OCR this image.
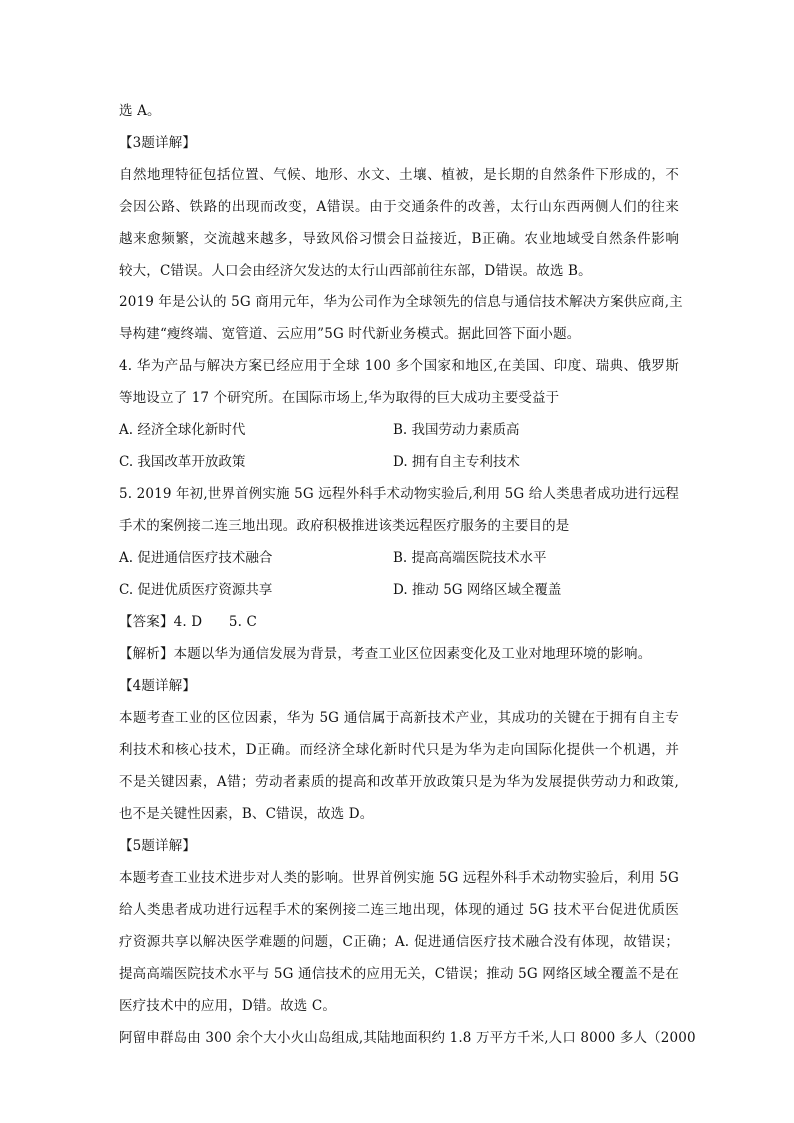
选 A。
【3题详解】
自然地理特征包括位置、气候、地形、水文、土壤、植被，是长期的自然条件下形成的，不
会因公路、铁路的出现而改变，A错误。由于交通条件的改善，太行山东西两侧人们的往来
越来愈频繁，交流越来越多，导致风俗习惯会日益接近，B正确。农业地域受自然条件影响
较大，C错误。人口会由经济欠发达的太行山西部前往东部，D错误。故选 B。
2019 年是公认的 5G 商用元年，华为公司作为全球领先的信息与通信技术解决方案供应商,主
导构建“瘦终端、宽管道、云应用”5G 时代新业务模式。据此回答下面小题。
4. 华为产品与解决方案已经应用于全球 100 多个国家和地区,在美国、印度、瑞典、俄罗斯
等地设立了 17 个研究所。在国际市场上,华为取得的巨大成功主要受益于
A. 经济全球化新时代	B. 我国劳动力素质高
C. 我国改革开放政策	D. 拥有自主专利技术
5. 2019 年初,世界首例实施 5G 远程外科手术动物实验后,利用 5G 给人类患者成功进行远程
手术的案例接二连三地出现。政府积极推进该类远程医疗服务的主要目的是
A. 促进通信医疗技术融合	B. 提高高端医院技术水平
C. 促进优质医疗资源共享	D. 推动 5G 网络区域全覆盖
【答案】4. D      5. C
【解析】本题以华为通信发展为背景，考查工业区位因素变化及工业对地理环境的影响。
【4题详解】
本题考查工业的区位因素，华为 5G 通信属于高新技术产业，其成功的关键在于拥有自主专
利技术和核心技术，D正确。而经济全球化新时代只是为华为走向国际化提供一个机遇，并
不是关键因素，A错；劳动者素质的提高和改革开放政策只是为华为发展提供劳动力和政策,
也不是关键性因素，B、C错误，故选 D。
【5题详解】
本题考查工业技术进步对人类的影响。世界首例实施 5G 远程外科手术动物实验后，利用 5G
给人类患者成功进行远程手术的案例接二连三地出现，体现的通过 5G 技术平台促进优质医
疗资源共享以解决医学难题的问题，C正确；A. 促进通信医疗技术融合没有体现，故错误；
提高高端医院技术水平与 5G 通信技术的应用无关，C错误；推动 5G 网络区域全覆盖不是在
医疗技术中的应用，D错。故选 C。
阿留申群岛由 300 余个大小火山岛组成,其陆地面积约 1.8 万平方千米,人口 8000 多人（2000
